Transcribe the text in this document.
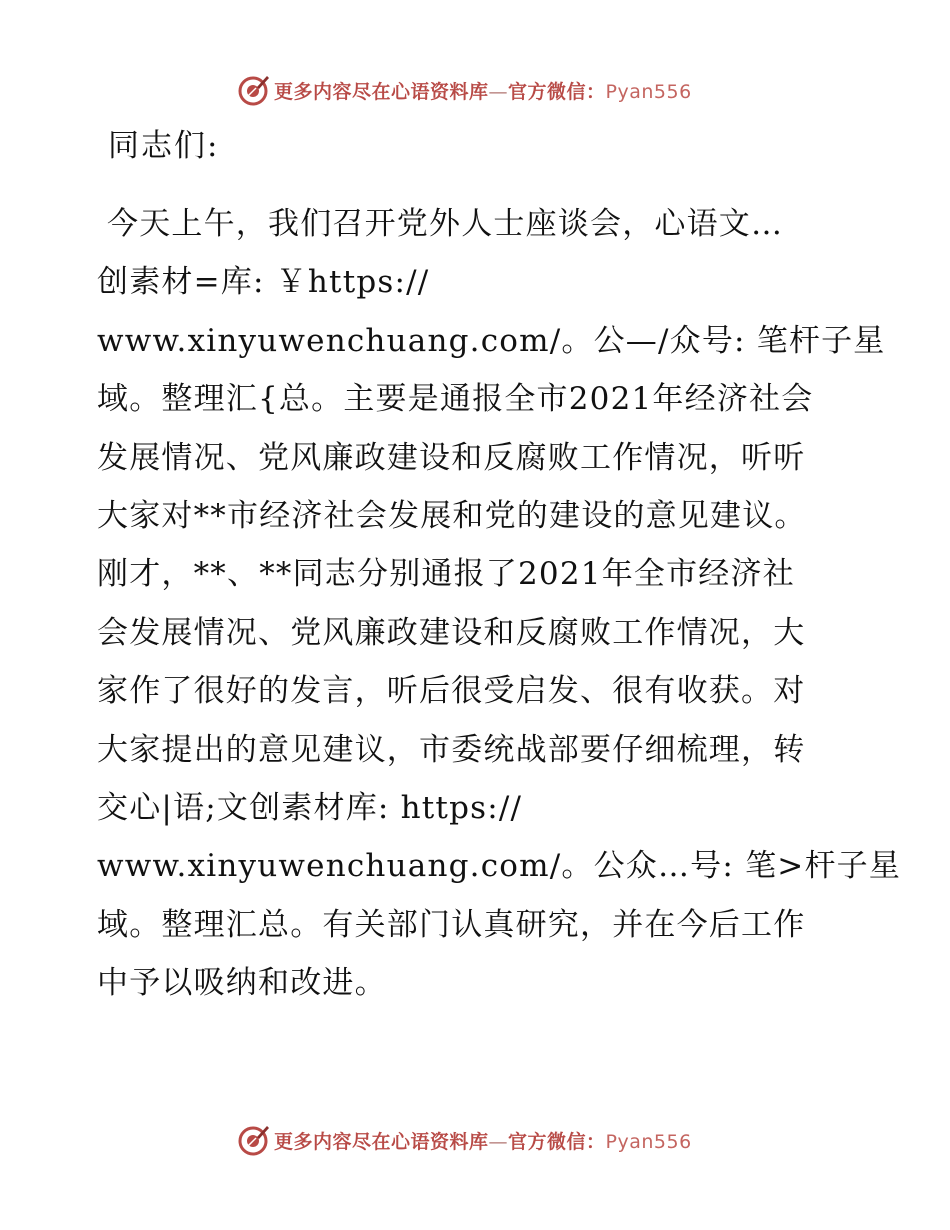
更多内容尽在心语资料库—官方微信：Pyan556
同志们:
今天上午，我们召开党外人士座谈会，心语文…
创素材=库: ￥https://
www.xinyuwenchuang.com/。公—/众号: 笔杆子星
域。整理汇{总。主要是通报全市2021年经济社会
发展情况、党风廉政建设和反腐败工作情况，听听
大家对**市经济社会发展和党的建设的意见建议。
刚才，**、**同志分别通报了2021年全市经济社
会发展情况、党风廉政建设和反腐败工作情况，大
家作了很好的发言，听后很受启发、很有收获。对
大家提出的意见建议，市委统战部要仔细梳理，转
交心|语;文创素材库: https://
www.xinyuwenchuang.com/。公众…号: 笔>杆子星
域。整理汇总。有关部门认真研究，并在今后工作
中予以吸纳和改进。
更多内容尽在心语资料库—官方微信：Pyan556
